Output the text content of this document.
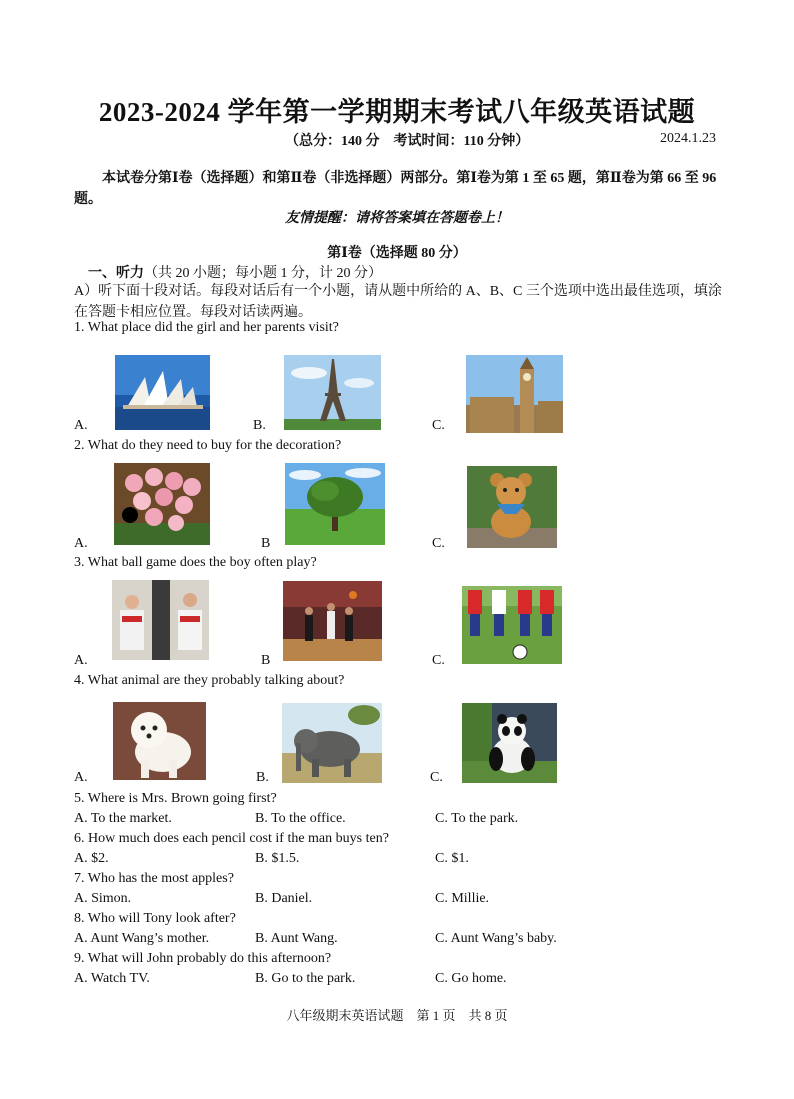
2023-2024 学年第一学期期末考试八年级英语试题
（总分：140 分　考试时间：110 分钟）	2024.1.23
本试卷分第Ⅰ卷（选择题）和第Ⅱ卷（非选择题）两部分。第Ⅰ卷为第 1 至 65 题，第Ⅱ卷为第 66 至 96 题。
友情提醒：请将答案填在答题卷上！
第Ⅰ卷（选择题 80 分）
一、听力（共 20 小题；每小题 1 分，计 20 分）
A）听下面十段对话。每段对话后有一个小题，请从题中所给的 A、B、C 三个选项中选出最佳选项，填涂在答题卡相应位置。每段对话读两遍。
1. What place did the girl and her parents visit?
A.	B.	C.
2. What do they need to buy for the decoration?
A.	B	C.
3. What ball game does the boy often play?
A.	B	C.
4. What animal are they probably talking about?
A.	B.	C.
5. Where is Mrs. Brown going first?
A. To the market.	B. To the office.	C. To the park.
6. How much does each pencil cost if the man buys ten?
A. $2.	B. $1.5.	C. $1.
7. Who has the most apples?
A. Simon.	B. Daniel.	C. Millie.
8. Who will Tony look after?
A. Aunt Wang’s mother.	B. Aunt Wang.	C. Aunt Wang’s baby.
9. What will John probably do this afternoon?
A. Watch TV.	B. Go to the park.	C. Go home.
八年级期末英语试题　第 1 页　共 8 页
